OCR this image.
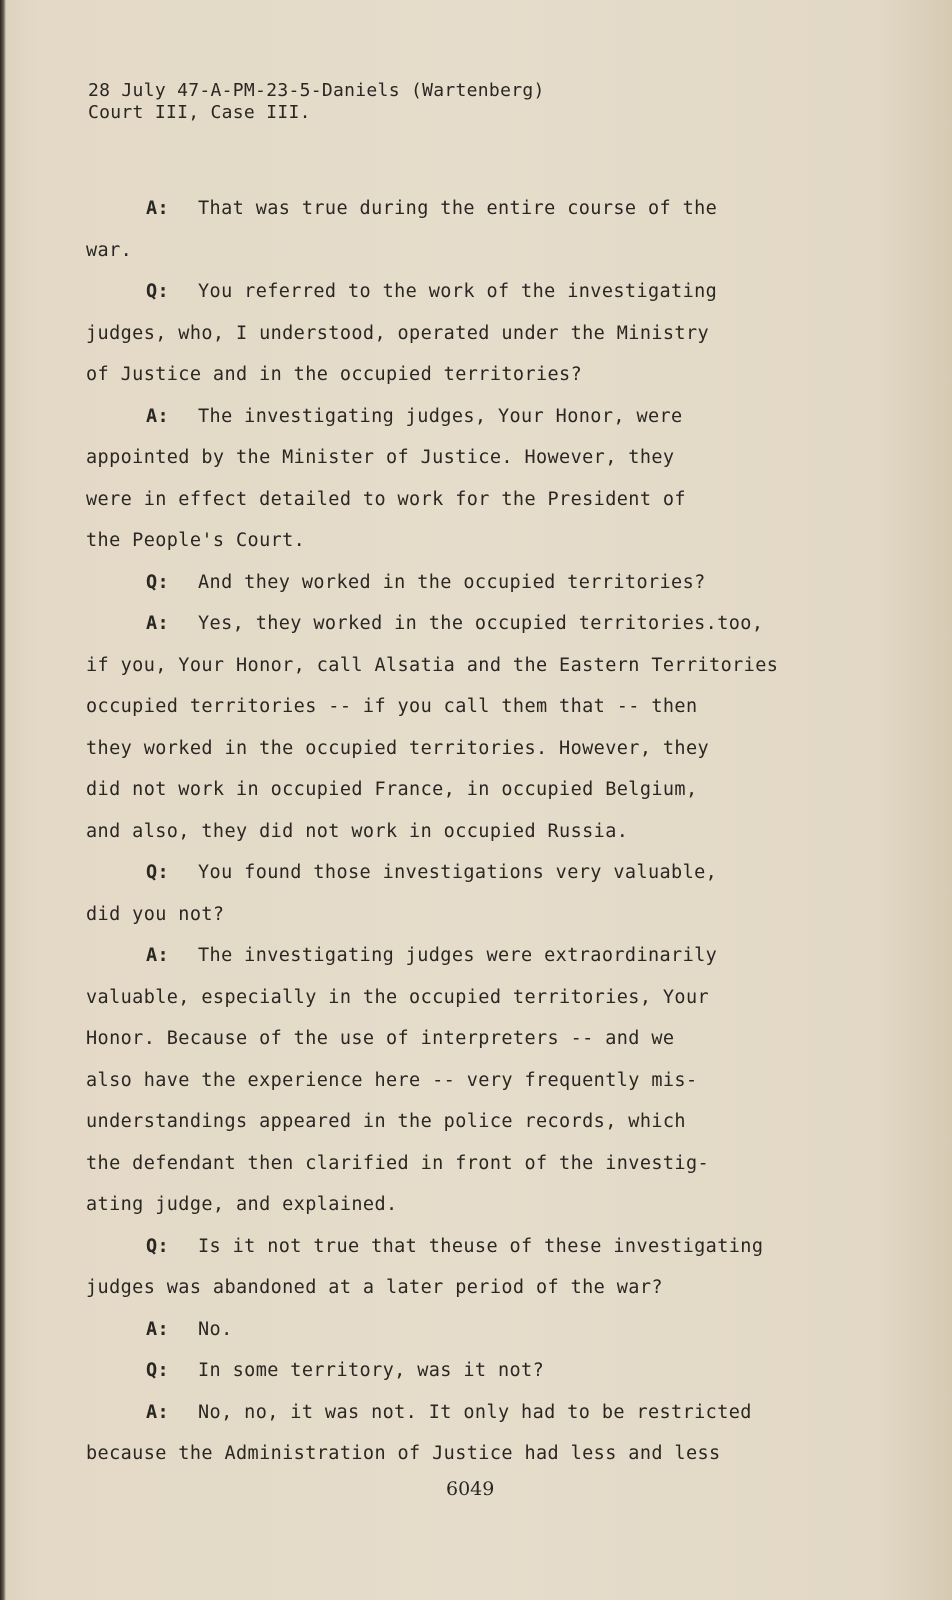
28 July 47-A-PM-23-5-Daniels (Wartenberg)
Court III, Case III.
A: That was true during the entire course of the
war.
Q: You referred to the work of the investigating
judges, who, I understood, operated under the Ministry
of Justice and in the occupied territories?
A: The investigating judges, Your Honor, were
appointed by the Minister of Justice. However, they
were in effect detailed to work for the President of
the People's Court.
Q: And they worked in the occupied territories?
A: Yes, they worked in the occupied territories.too,
if you, Your Honor, call Alsatia and the Eastern Territories
occupied territories -- if you call them that -- then
they worked in the occupied territories. However, they
did not work in occupied France, in occupied Belgium,
and also, they did not work in occupied Russia.
Q: You found those investigations very valuable,
did you not?
A: The investigating judges were extraordinarily
valuable, especially in the occupied territories, Your
Honor. Because of the use of interpreters -- and we
also have the experience here -- very frequently mis-
understandings appeared in the police records, which
the defendant then clarified in front of the investig-
ating judge, and explained.
Q: Is it not true that theuse of these investigating
judges was abandoned at a later period of the war?
A: No.
Q: In some territory, was it not?
A: No, no, it was not. It only had to be restricted
because the Administration of Justice had less and less
6049
